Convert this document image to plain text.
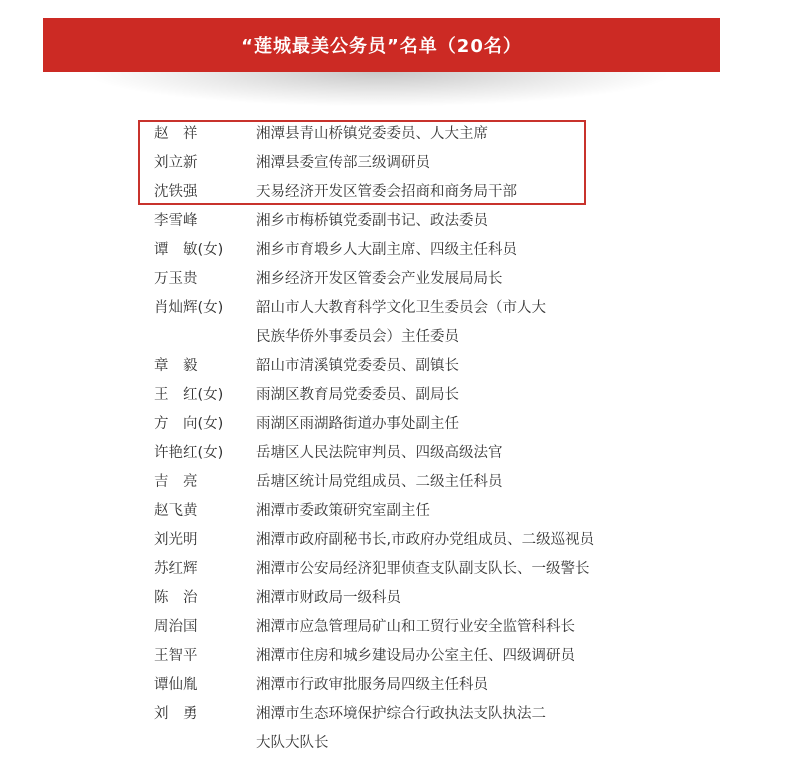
“莲城最美公务员”名单（20名）
赵　祥	湘潭县青山桥镇党委委员、人大主席
刘立新	湘潭县委宣传部三级调研员
沈铁强	天易经济开发区管委会招商和商务局干部
李雪峰	湘乡市梅桥镇党委副书记、政法委员
谭　敏(女)	湘乡市育塅乡人大副主席、四级主任科员
万玉贵	湘乡经济开发区管委会产业发展局局长
肖灿辉(女)	韶山市人大教育科学文化卫生委员会（市人大
民族华侨外事委员会）主任委员
章　毅	韶山市清溪镇党委委员、副镇长
王　红(女)	雨湖区教育局党委委员、副局长
方　向(女)	雨湖区雨湖路街道办事处副主任
许艳红(女)	岳塘区人民法院审判员、四级高级法官
吉　亮	岳塘区统计局党组成员、二级主任科员
赵飞黄	湘潭市委政策研究室副主任
刘光明	湘潭市政府副秘书长,市政府办党组成员、二级巡视员
苏红辉	湘潭市公安局经济犯罪侦查支队副支队长、一级警长
陈　治	湘潭市财政局一级科员
周治国	湘潭市应急管理局矿山和工贸行业安全监管科科长
王智平	湘潭市住房和城乡建设局办公室主任、四级调研员
谭仙胤	湘潭市行政审批服务局四级主任科员
刘　勇	湘潭市生态环境保护综合行政执法支队执法二
大队大队长
